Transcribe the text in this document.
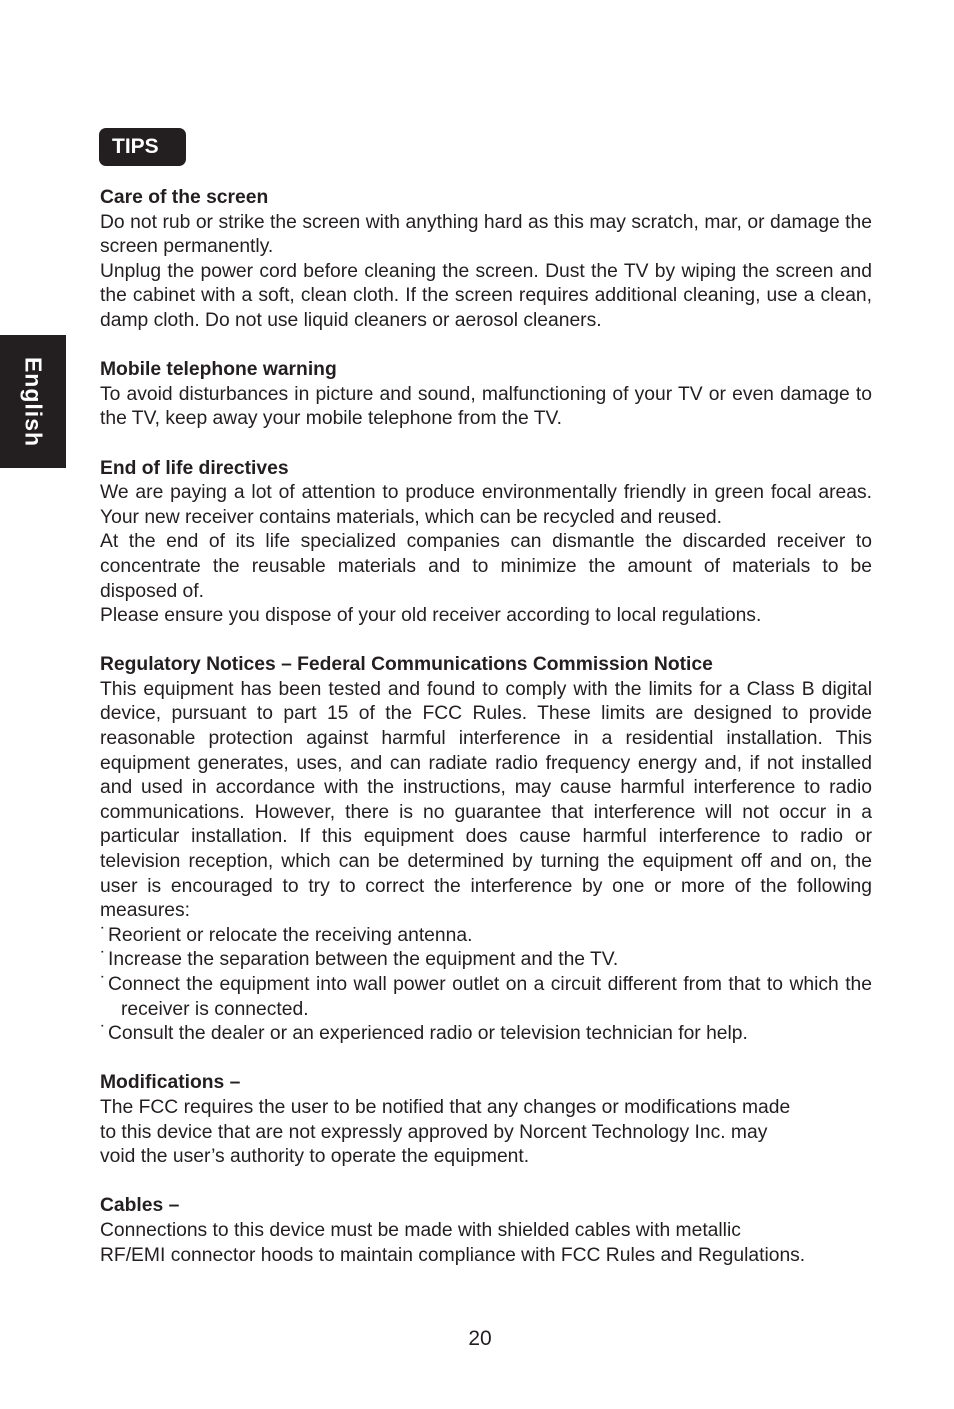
English
TIPS
Care of the screen

Do not rub or strike the screen with anything hard as this may scratch, mar, or damage the screen permanently.

Unplug the power cord before cleaning the screen. Dust the TV by wiping the screen and the cabinet with a soft, clean cloth. If the screen requires additional cleaning, use a clean, damp cloth. Do not use liquid cleaners or aerosol cleaners.

Mobile telephone warning

To avoid disturbances in picture and sound, malfunctioning of your TV or even damage to the TV, keep away your mobile telephone from the TV.

End of life directives

We are paying a lot of attention to produce environmentally friendly in green focal areas. Your new receiver contains materials, which can be recycled and reused.

At the end of its life specialized companies can dismantle the discarded receiver to concentrate the reusable materials and to minimize the amount of materials to be disposed of.

Please ensure you dispose of your old receiver according to local regulations.

Regulatory Notices – Federal Communications Commission Notice

This equipment has been tested and found to comply with the limits for a Class B digital device, pursuant to part 15 of the FCC Rules. These limits are designed to provide reasonable protection against harmful interference in a residential installation. This equipment generates, uses, and can radiate radio frequency energy and, if not installed and used in accordance with the instructions, may cause harmful interference to radio communications. However, there is no guarantee that interference will not occur in a particular installation. If this equipment does cause harmful interference to radio or television reception, which can be determined by turning the equipment off and on, the user is encouraged to try to correct the interference by one or more of the following measures:

˙Reorient or relocate the receiving antenna.
˙Increase the separation between the equipment and the TV.
˙Connect the equipment into wall power outlet on a circuit different from that to which the receiver is connected.
˙Consult the dealer or an experienced radio or television technician for help.
Modifications –

The FCC requires the user to be notified that any changes or modifications made

to this device that are not expressly approved by Norcent Technology Inc. may

void the user’s authority to operate the equipment.

Cables –

Connections to this device must be made with shielded cables with metallic

RF/EMI connector hoods to maintain compliance with FCC Rules and Regulations.

20
